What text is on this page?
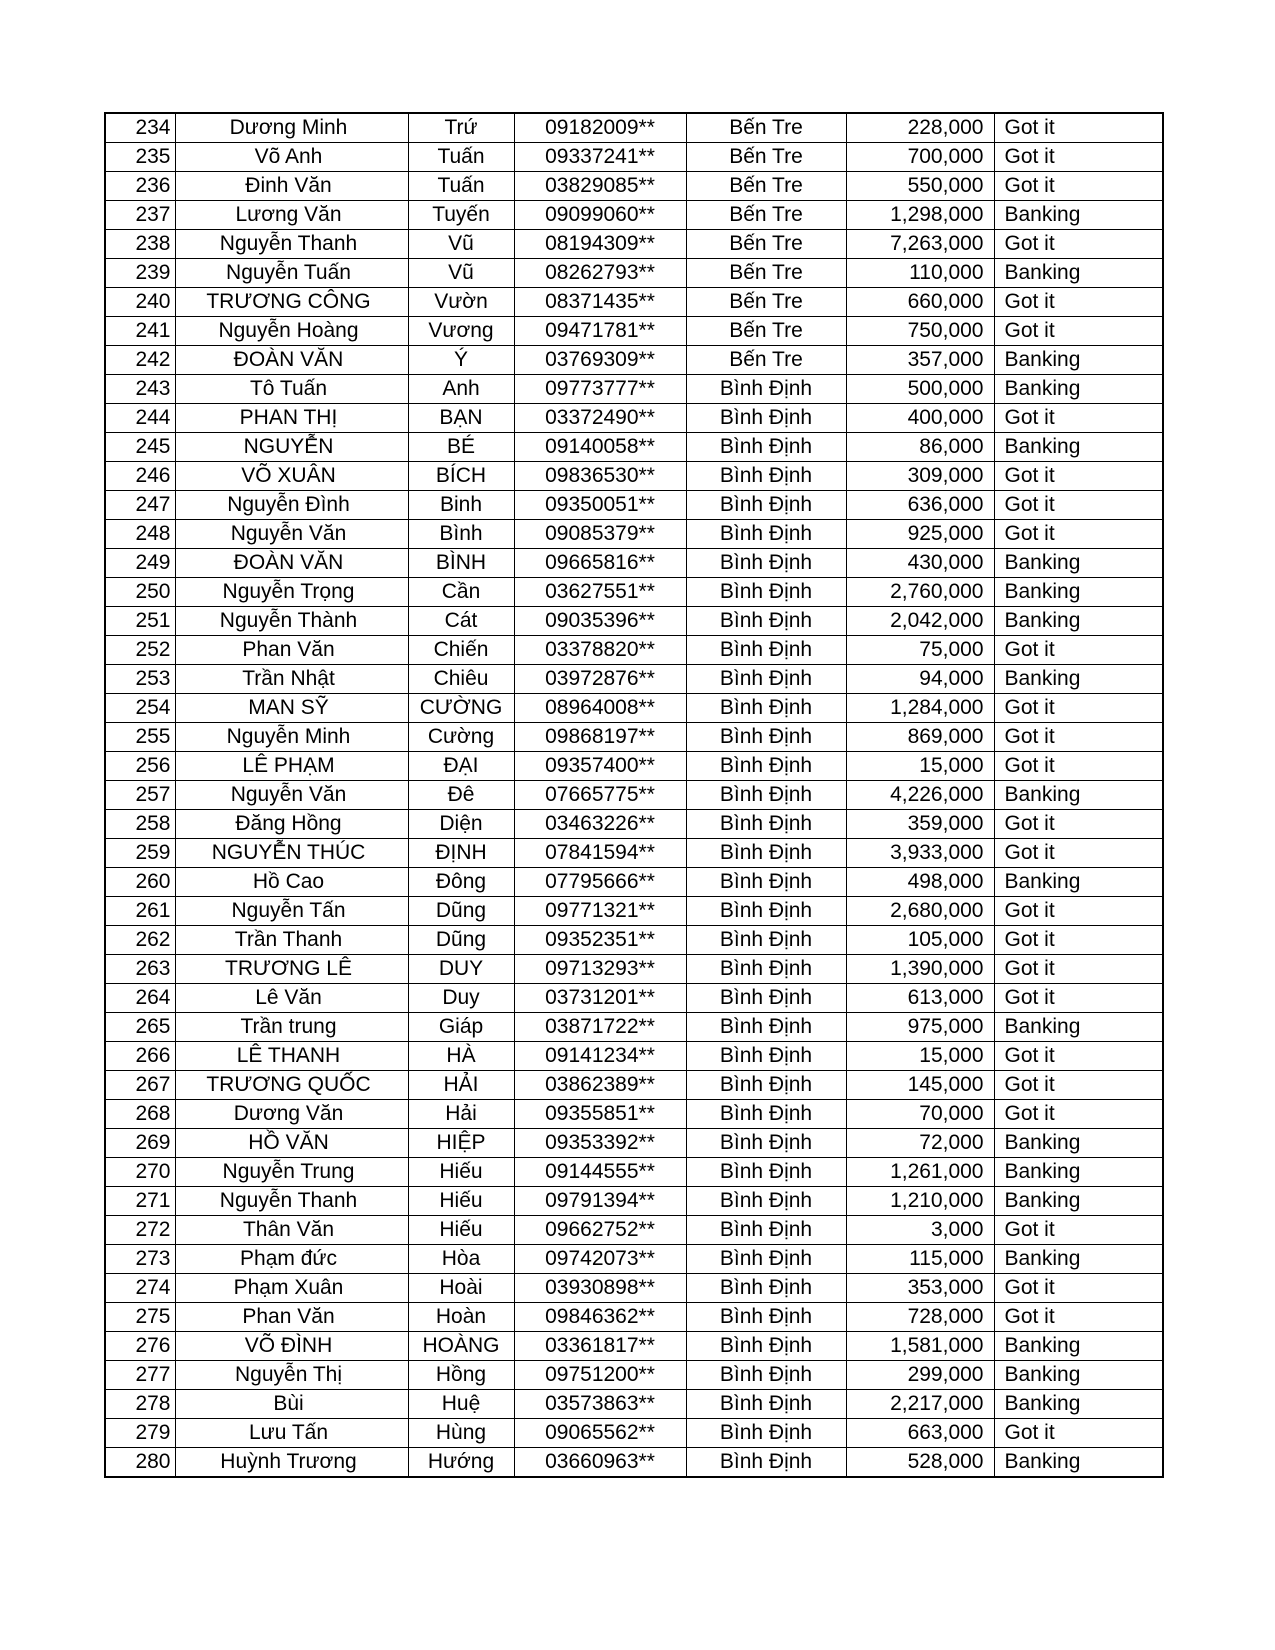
234	Dương Minh	Trứ	09182009**	Bến Tre	228,000	Got it
235	Võ Anh	Tuấn	09337241**	Bến Tre	700,000	Got it
236	Đinh Văn	Tuấn	03829085**	Bến Tre	550,000	Got it
237	Lương Văn	Tuyến	09099060**	Bến Tre	1,298,000	Banking
238	Nguyễn Thanh	Vũ	08194309**	Bến Tre	7,263,000	Got it
239	Nguyễn Tuấn	Vũ	08262793**	Bến Tre	110,000	Banking
240	TRƯƠNG CÔNG	Vườn	08371435**	Bến Tre	660,000	Got it
241	Nguyễn Hoàng	Vương	09471781**	Bến Tre	750,000	Got it
242	ĐOÀN VĂN	Ý	03769309**	Bến Tre	357,000	Banking
243	Tô Tuấn	Anh	09773777**	Bình Định	500,000	Banking
244	PHAN THỊ	BẠN	03372490**	Bình Định	400,000	Got it
245	NGUYỄN	BÉ	09140058**	Bình Định	86,000	Banking
246	VÕ XUÂN	BÍCH	09836530**	Bình Định	309,000	Got it
247	Nguyễn Đình	Binh	09350051**	Bình Định	636,000	Got it
248	Nguyễn Văn	Bình	09085379**	Bình Định	925,000	Got it
249	ĐOÀN VĂN	BÌNH	09665816**	Bình Định	430,000	Banking
250	Nguyễn Trọng	Cần	03627551**	Bình Định	2,760,000	Banking
251	Nguyễn Thành	Cát	09035396**	Bình Định	2,042,000	Banking
252	Phan Văn	Chiến	03378820**	Bình Định	75,000	Got it
253	Trần Nhật	Chiêu	03972876**	Bình Định	94,000	Banking
254	MAN SỸ	CƯỜNG	08964008**	Bình Định	1,284,000	Got it
255	Nguyễn Minh	Cường	09868197**	Bình Định	869,000	Got it
256	LÊ PHẠM	ĐẠI	09357400**	Bình Định	15,000	Got it
257	Nguyễn Văn	Đê	07665775**	Bình Định	4,226,000	Banking
258	Đăng Hồng	Diện	03463226**	Bình Định	359,000	Got it
259	NGUYỄN THÚC	ĐỊNH	07841594**	Bình Định	3,933,000	Got it
260	Hồ Cao	Đông	07795666**	Bình Định	498,000	Banking
261	Nguyễn Tấn	Dũng	09771321**	Bình Định	2,680,000	Got it
262	Trần Thanh	Dũng	09352351**	Bình Định	105,000	Got it
263	TRƯƠNG LÊ	DUY	09713293**	Bình Định	1,390,000	Got it
264	Lê Văn	Duy	03731201**	Bình Định	613,000	Got it
265	Trần trung	Giáp	03871722**	Bình Định	975,000	Banking
266	LÊ THANH	HÀ	09141234**	Bình Định	15,000	Got it
267	TRƯƠNG QUỐC	HẢI	03862389**	Bình Định	145,000	Got it
268	Dương Văn	Hải	09355851**	Bình Định	70,000	Got it
269	HỒ VĂN	HIỆP	09353392**	Bình Định	72,000	Banking
270	Nguyễn Trung	Hiếu	09144555**	Bình Định	1,261,000	Banking
271	Nguyễn Thanh	Hiếu	09791394**	Bình Định	1,210,000	Banking
272	Thân Văn	Hiếu	09662752**	Bình Định	3,000	Got it
273	Phạm đức	Hòa	09742073**	Bình Định	115,000	Banking
274	Phạm Xuân	Hoài	03930898**	Bình Định	353,000	Got it
275	Phan Văn	Hoàn	09846362**	Bình Định	728,000	Got it
276	VÕ ĐÌNH	HOÀNG	03361817**	Bình Định	1,581,000	Banking
277	Nguyễn Thị	Hồng	09751200**	Bình Định	299,000	Banking
278	Bùi	Huệ	03573863**	Bình Định	2,217,000	Banking
279	Lưu Tấn	Hùng	09065562**	Bình Định	663,000	Got it
280	Huỳnh Trương	Hướng	03660963**	Bình Định	528,000	Banking
